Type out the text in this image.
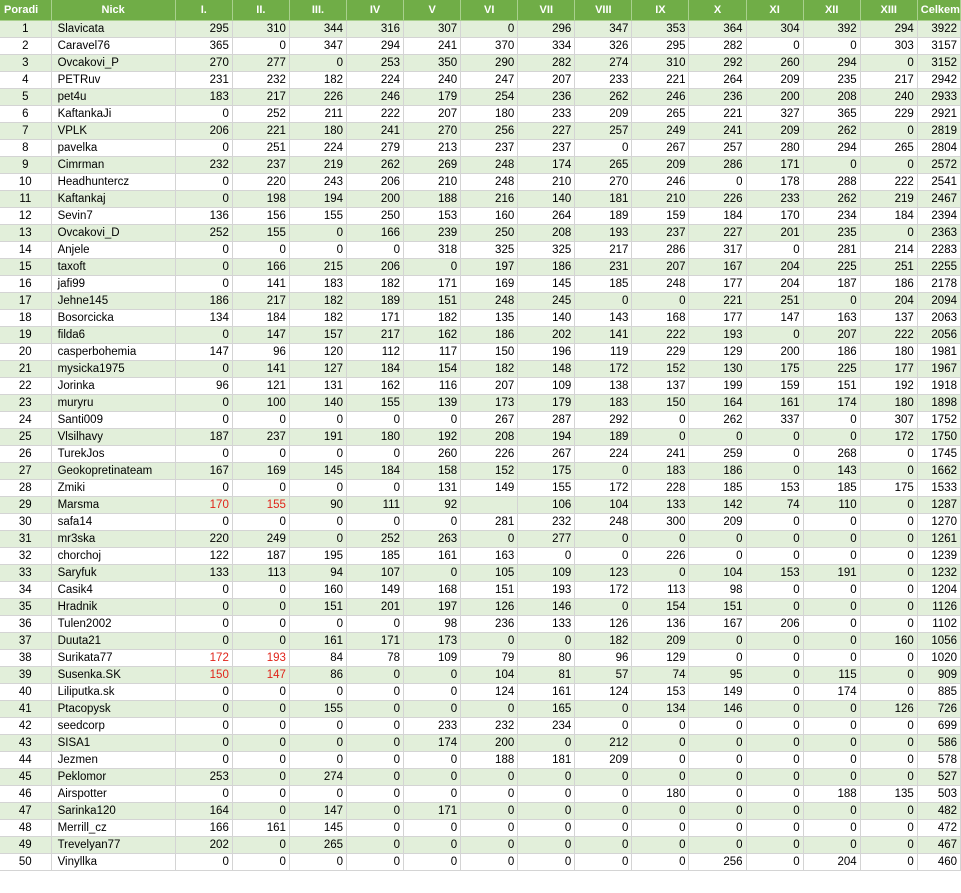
Poradi	Nick	I.	II.	III.	IV	V	VI	VII	VIII	IX	X	XI	XII	XIII	Celkem
1	Slavicata	295	310	344	316	307	0	296	347	353	364	304	392	294	3922
2	Caravel76	365	0	347	294	241	370	334	326	295	282	0	0	303	3157
3	Ovcakovi_P	270	277	0	253	350	290	282	274	310	292	260	294	0	3152
4	PETRuv	231	232	182	224	240	247	207	233	221	264	209	235	217	2942
5	pet4u	183	217	226	246	179	254	236	262	246	236	200	208	240	2933
6	KaftankaJi	0	252	211	222	207	180	233	209	265	221	327	365	229	2921
7	VPLK	206	221	180	241	270	256	227	257	249	241	209	262	0	2819
8	pavelka	0	251	224	279	213	237	237	0	267	257	280	294	265	2804
9	Cimrman	232	237	219	262	269	248	174	265	209	286	171	0	0	2572
10	Headhuntercz	0	220	243	206	210	248	210	270	246	0	178	288	222	2541
11	Kaftankaj	0	198	194	200	188	216	140	181	210	226	233	262	219	2467
12	Sevin7	136	156	155	250	153	160	264	189	159	184	170	234	184	2394
13	Ovcakovi_D	252	155	0	166	239	250	208	193	237	227	201	235	0	2363
14	Anjele	0	0	0	0	318	325	325	217	286	317	0	281	214	2283
15	taxoft	0	166	215	206	0	197	186	231	207	167	204	225	251	2255
16	jafi99	0	141	183	182	171	169	145	185	248	177	204	187	186	2178
17	Jehne145	186	217	182	189	151	248	245	0	0	221	251	0	204	2094
18	Bosorcicka	134	184	182	171	182	135	140	143	168	177	147	163	137	2063
19	filda6	0	147	157	217	162	186	202	141	222	193	0	207	222	2056
20	casperbohemia	147	96	120	112	117	150	196	119	229	129	200	186	180	1981
21	mysicka1975	0	141	127	184	154	182	148	172	152	130	175	225	177	1967
22	Jorinka	96	121	131	162	116	207	109	138	137	199	159	151	192	1918
23	muryru	0	100	140	155	139	173	179	183	150	164	161	174	180	1898
24	Santi009	0	0	0	0	0	267	287	292	0	262	337	0	307	1752
25	Vlsilhavy	187	237	191	180	192	208	194	189	0	0	0	0	172	1750
26	TurekJos	0	0	0	0	260	226	267	224	241	259	0	268	0	1745
27	Geokopretinateam	167	169	145	184	158	152	175	0	183	186	0	143	0	1662
28	Zmiki	0	0	0	0	131	149	155	172	228	185	153	185	175	1533
29	Marsma	170	155	90	111	92		106	104	133	142	74	110	0	1287
30	safa14	0	0	0	0	0	281	232	248	300	209	0	0	0	1270
31	mr3ska	220	249	0	252	263	0	277	0	0	0	0	0	0	1261
32	chorchoj	122	187	195	185	161	163	0	0	226	0	0	0	0	1239
33	Saryfuk	133	113	94	107	0	105	109	123	0	104	153	191	0	1232
34	Casik4	0	0	160	149	168	151	193	172	113	98	0	0	0	1204
35	Hradnik	0	0	151	201	197	126	146	0	154	151	0	0	0	1126
36	Tulen2002	0	0	0	0	98	236	133	126	136	167	206	0	0	1102
37	Duuta21	0	0	161	171	173	0	0	182	209	0	0	0	160	1056
38	Surikata77	172	193	84	78	109	79	80	96	129	0	0	0	0	1020
39	Susenka.SK	150	147	86	0	0	104	81	57	74	95	0	115	0	909
40	Liliputka.sk	0	0	0	0	0	124	161	124	153	149	0	174	0	885
41	Ptacopysk	0	0	155	0	0	0	165	0	134	146	0	0	126	726
42	seedcorp	0	0	0	0	233	232	234	0	0	0	0	0	0	699
43	SISA1	0	0	0	0	174	200	0	212	0	0	0	0	0	586
44	Jezmen	0	0	0	0	0	188	181	209	0	0	0	0	0	578
45	Peklomor	253	0	274	0	0	0	0	0	0	0	0	0	0	527
46	Airspotter	0	0	0	0	0	0	0	0	180	0	0	188	135	503
47	Sarinka120	164	0	147	0	171	0	0	0	0	0	0	0	0	482
48	Merrill_cz	166	161	145	0	0	0	0	0	0	0	0	0	0	472
49	Trevelyan77	202	0	265	0	0	0	0	0	0	0	0	0	0	467
50	Vinyllka	0	0	0	0	0	0	0	0	0	256	0	204	0	460
